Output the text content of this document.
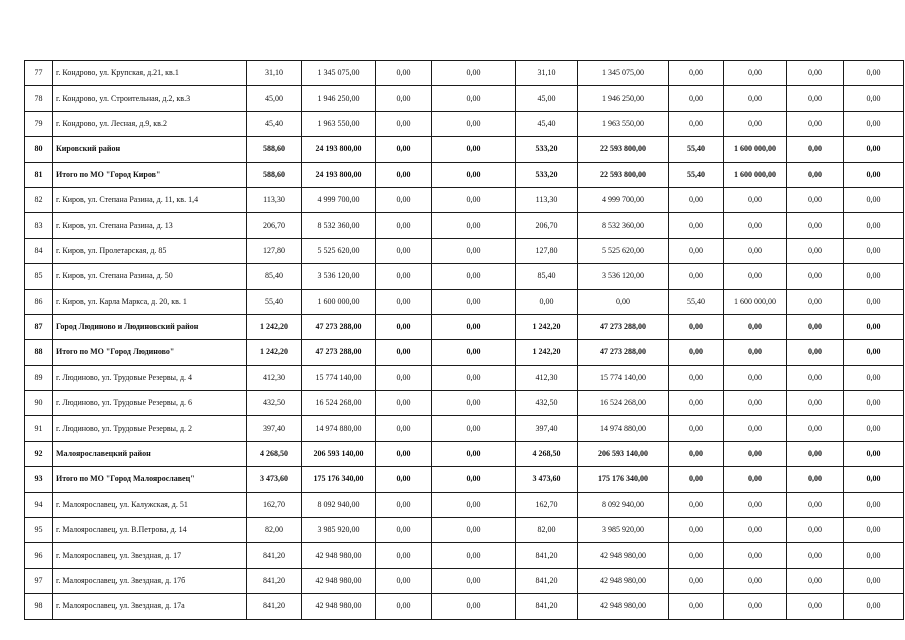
77	г. Кондрово, ул. Крупская, д.21, кв.1	31,10	1 345 075,00	0,00	0,00	31,10	1 345 075,00	0,00	0,00	0,00	0,00
78	г. Кондрово, ул. Строительная, д.2, кв.3	45,00	1 946 250,00	0,00	0,00	45,00	1 946 250,00	0,00	0,00	0,00	0,00
79	г. Кондрово, ул. Лесная, д.9, кв.2	45,40	1 963 550,00	0,00	0,00	45,40	1 963 550,00	0,00	0,00	0,00	0,00
80	Кировский район	588,60	24 193 800,00	0,00	0,00	533,20	22 593 800,00	55,40	1 600 000,00	0,00	0,00
81	Итого по МО "Город Киров"	588,60	24 193 800,00	0,00	0,00	533,20	22 593 800,00	55,40	1 600 000,00	0,00	0,00
82	г. Киров, ул. Степана Разина, д. 11, кв. 1,4	113,30	4 999 700,00	0,00	0,00	113,30	4 999 700,00	0,00	0,00	0,00	0,00
83	г. Киров, ул. Степана Разина, д. 13	206,70	8 532 360,00	0,00	0,00	206,70	8 532 360,00	0,00	0,00	0,00	0,00
84	г. Киров, ул. Пролетарская, д. 85	127,80	5 525 620,00	0,00	0,00	127,80	5 525 620,00	0,00	0,00	0,00	0,00
85	г. Киров, ул. Степана Разина, д. 50	85,40	3 536 120,00	0,00	0,00	85,40	3 536 120,00	0,00	0,00	0,00	0,00
86	г. Киров, ул. Карла Маркса, д. 20, кв. 1	55,40	1 600 000,00	0,00	0,00	0,00	0,00	55,40	1 600 000,00	0,00	0,00
87	Город Людиново и Людиновский район	1 242,20	47 273 288,00	0,00	0,00	1 242,20	47 273 288,00	0,00	0,00	0,00	0,00
88	Итого по МО "Город Людиново"	1 242,20	47 273 288,00	0,00	0,00	1 242,20	47 273 288,00	0,00	0,00	0,00	0,00
89	г. Людиново, ул. Трудовые Резервы, д. 4	412,30	15 774 140,00	0,00	0,00	412,30	15 774 140,00	0,00	0,00	0,00	0,00
90	г. Людиново, ул. Трудовые Резервы, д. 6	432,50	16 524 268,00	0,00	0,00	432,50	16 524 268,00	0,00	0,00	0,00	0,00
91	г. Людиново, ул. Трудовые Резервы, д. 2	397,40	14 974 880,00	0,00	0,00	397,40	14 974 880,00	0,00	0,00	0,00	0,00
92	Малоярославецкий район	4 268,50	206 593 140,00	0,00	0,00	4 268,50	206 593 140,00	0,00	0,00	0,00	0,00
93	Итого по МО "Город Малоярославец"	3 473,60	175 176 340,00	0,00	0,00	3 473,60	175 176 340,00	0,00	0,00	0,00	0,00
94	г. Малоярославец, ул. Калужская, д. 51	162,70	8 092 940,00	0,00	0,00	162,70	8 092 940,00	0,00	0,00	0,00	0,00
95	г. Малоярославец, ул. В.Петрова, д. 14	82,00	3 985 920,00	0,00	0,00	82,00	3 985 920,00	0,00	0,00	0,00	0,00
96	г. Малоярославец, ул. Звездная, д. 17	841,20	42 948 980,00	0,00	0,00	841,20	42 948 980,00	0,00	0,00	0,00	0,00
97	г. Малоярославец, ул. Звездная, д. 17б	841,20	42 948 980,00	0,00	0,00	841,20	42 948 980,00	0,00	0,00	0,00	0,00
98	г. Малоярославец, ул. Звездная, д. 17а	841,20	42 948 980,00	0,00	0,00	841,20	42 948 980,00	0,00	0,00	0,00	0,00
